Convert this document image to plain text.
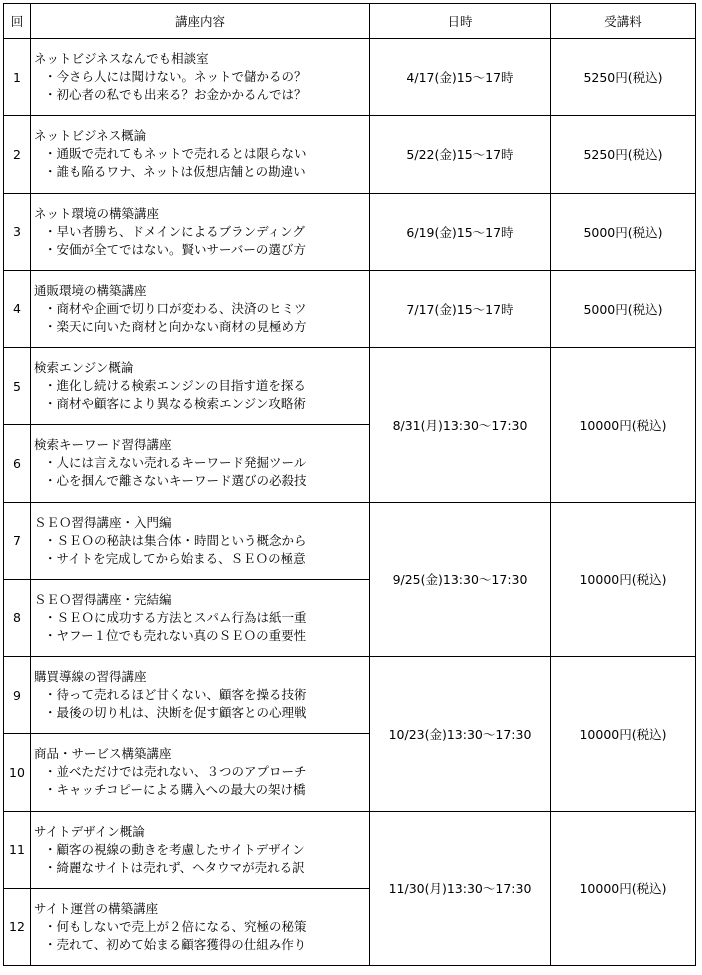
回	講座内容	日時	受講料
1	ネットビジネスなんでも相談室
・今さら人には聞けない。ネットで儲かるの？
・初心者の私でも出来る？お金かかるんでは？	4/17(金)15～17時	5250円(税込)
2	ネットビジネス概論
・通販で売れてもネットで売れるとは限らない
・誰も陥るワナ、ネットは仮想店舗との勘違い	5/22(金)15～17時	5250円(税込)
3	ネット環境の構築講座
・早い者勝ち、ドメインによるブランディング
・安価が全てではない。賢いサーバーの選び方	6/19(金)15～17時	5000円(税込)
4	通販環境の構築講座
・商材や企画で切り口が変わる、決済のヒミツ
・楽天に向いた商材と向かない商材の見極め方	7/17(金)15～17時	5000円(税込)
5	検索エンジン概論
・進化し続ける検索エンジンの目指す道を探る
・商材や顧客により異なる検索エンジン攻略術	8/31(月)13:30～17:30	10000円(税込)
6	検索キーワード習得講座
・人には言えない売れるキーワード発掘ツール
・心を掴んで離さないキーワード選びの必殺技		

7	ＳＥＯ習得講座・入門編
・ＳＥＯの秘訣は集合体・時間という概念から
・サイトを完成してから始まる、ＳＥＯの極意	9/25(金)13:30～17:30	10000円(税込)
8	ＳＥＯ習得講座・完結編
・ＳＥＯに成功する方法とスパム行為は紙一重
・ヤフー１位でも売れない真のＳＥＯの重要性		

9	購買導線の習得講座
・待って売れるほど甘くない、顧客を操る技術
・最後の切り札は、決断を促す顧客との心理戦	10/23(金)13:30～17:30	10000円(税込)
10	商品・サービス構築講座
・並べただけでは売れない、３つのアプローチ
・キャッチコピーによる購入への最大の架け橋		

11	サイトデザイン概論
・顧客の視線の動きを考慮したサイトデザイン
・綺麗なサイトは売れず、ヘタウマが売れる訳	11/30(月)13:30～17:30	10000円(税込)
12	サイト運営の構築講座
・何もしないで売上が２倍になる、究極の秘策
・売れて、初めて始まる顧客獲得の仕組み作り		
